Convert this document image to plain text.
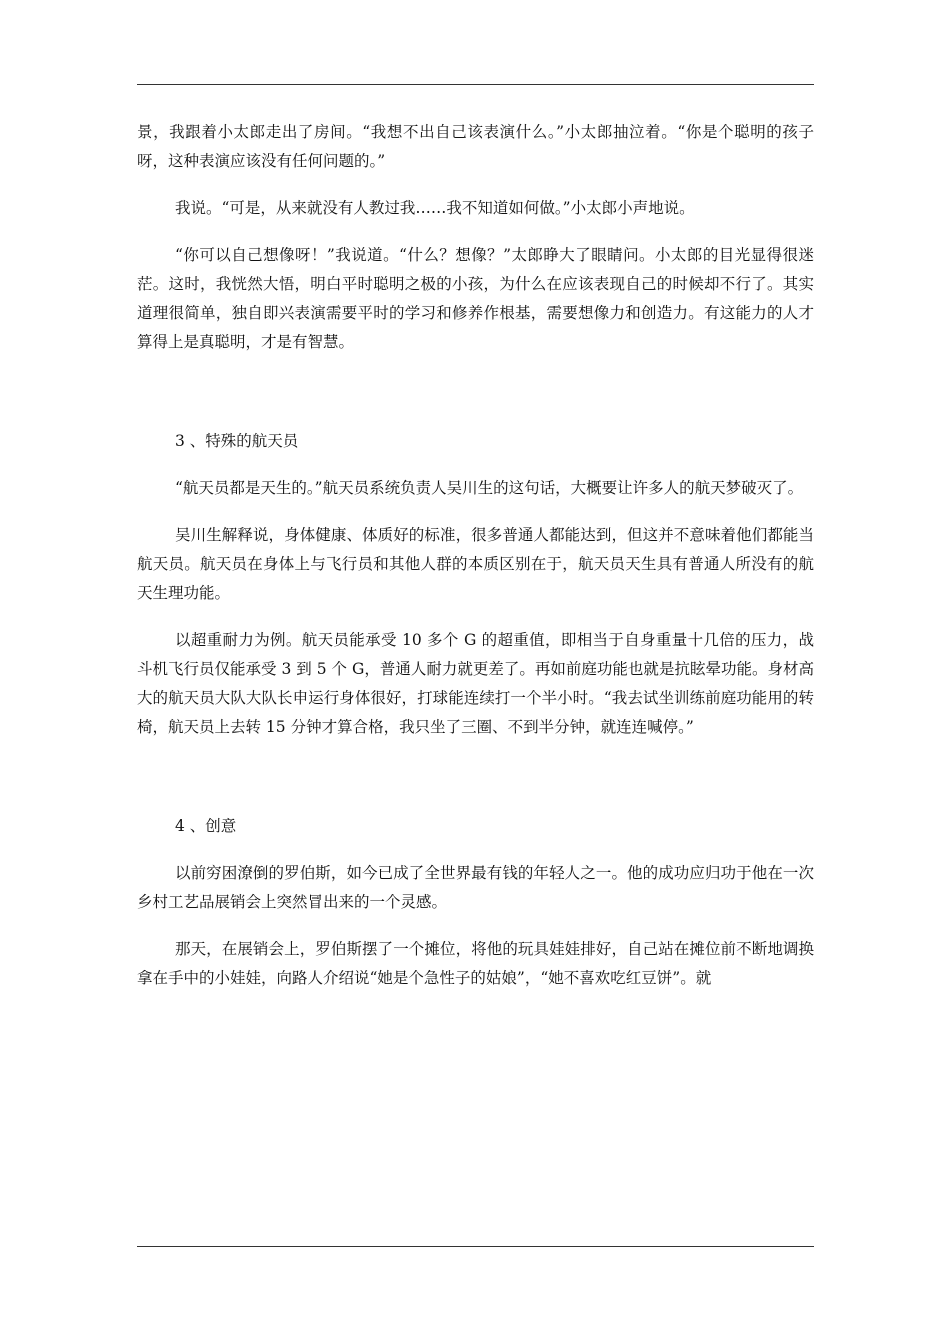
景，我跟着小太郎走出了房间。“我想不出自己该表演什么。”小太郎抽泣着。“你是个聪明的孩子呀，这种表演应该没有任何问题的。”

我说。“可是，从来就没有人教过我……我不知道如何做。”小太郎小声地说。

“你可以自己想像呀！”我说道。“什么？想像？”太郎睁大了眼睛问。小太郎的目光显得很迷茫。这时，我恍然大悟，明白平时聪明之极的小孩，为什么在应该表现自己的时候却不行了。其实道理很简单，独自即兴表演需要平时的学习和修养作根基，需要想像力和创造力。有这能力的人才算得上是真聪明，才是有智慧。

3 、特殊的航天员

“航天员都是天生的。”航天员系统负责人吴川生的这句话，大概要让许多人的航天梦破灭了。

吴川生解释说，身体健康、体质好的标准，很多普通人都能达到，但这并不意味着他们都能当航天员。航天员在身体上与飞行员和其他人群的本质区别在于，航天员天生具有普通人所没有的航天生理功能。

以超重耐力为例。航天员能承受 10 多个 G 的超重值，即相当于自身重量十几倍的压力，战斗机飞行员仅能承受 3 到 5 个 G，普通人耐力就更差了。再如前庭功能也就是抗眩晕功能。身材高大的航天员大队大队长申运行身体很好，打球能连续打一个半小时。“我去试坐训练前庭功能用的转椅，航天员上去转 15 分钟才算合格，我只坐了三圈、不到半分钟，就连连喊停。”

4 、创意

以前穷困潦倒的罗伯斯，如今已成了全世界最有钱的年轻人之一。他的成功应归功于他在一次乡村工艺品展销会上突然冒出来的一个灵感。

那天，在展销会上，罗伯斯摆了一个摊位，将他的玩具娃娃排好，自己站在摊位前不断地调换拿在手中的小娃娃，向路人介绍说“她是个急性子的姑娘”，“她不喜欢吃红豆饼”。就
